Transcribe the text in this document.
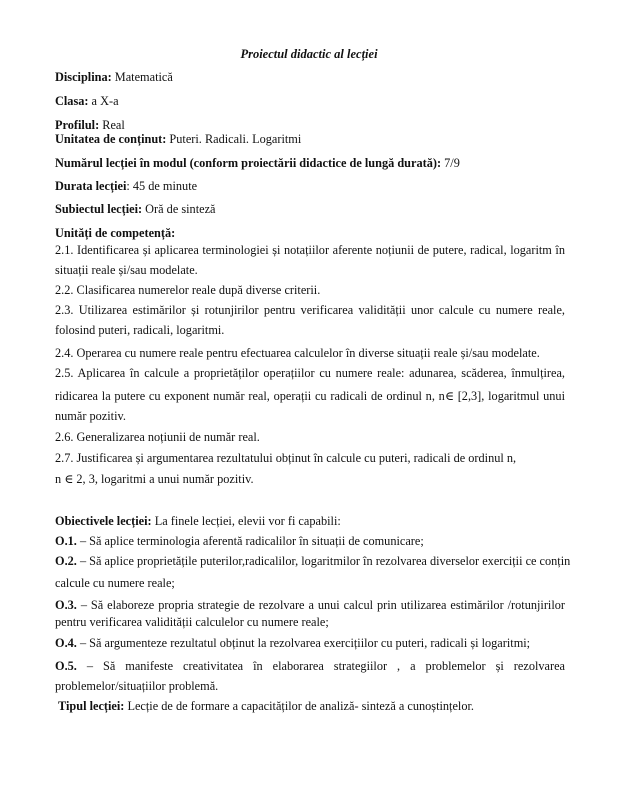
Proiectul didactic al lecției
Disciplina: Matematică
Clasa: a X-a
Profilul: Real
Unitatea de conținut: Puteri. Radicali. Logaritmi
Numărul lecției în modul (conform proiectării didactice de lungă durată): 7/9
Durata lecției: 45 de minute
Subiectul lecției: Oră de sinteză
Unități de competență:
2.1. Identificarea și aplicarea terminologiei și notațiilor aferente noțiunii de putere, radical, logaritm în
situații reale și/sau modelate.
2.2. Clasificarea numerelor reale după diverse criterii.
2.3. Utilizarea estimărilor și rotunjirilor pentru verificarea validității unor calcule cu numere reale,
folosind puteri, radicali, logaritmi.
2.4. Operarea cu numere reale pentru efectuarea calculelor în diverse situații reale și/sau modelate.
2.5. Aplicarea în calcule a proprietăților operațiilor cu numere reale: adunarea, scăderea, înmulțirea,
ridicarea la putere cu exponent număr real, operații cu radicali de ordinul n, n∈ [2,3], logaritmul unui
număr pozitiv.
2.6. Generalizarea noțiunii de număr real.
2.7. Justificarea și argumentarea rezultatului obținut în calcule cu puteri, radicali de ordinul n,
n ∈ 2, 3, logaritmi a unui număr pozitiv.
Obiectivele lecției: La finele lecției, elevii vor fi capabili:
O.1. – Să aplice terminologia aferentă radicalilor în situații de comunicare;
O.2. – Să aplice proprietățile puterilor,radicalilor, logaritmilor în rezolvarea diverselor exerciții ce conțin
calcule cu numere reale;
O.3. – Să elaboreze propria strategie de rezolvare a unui calcul prin utilizarea estimărilor /rotunjirilor
pentru verificarea validității calculelor cu numere reale;
O.4. – Să argumenteze rezultatul obținut la rezolvarea exercițiilor cu puteri, radicali și logaritmi;
O.5. – Să manifeste creativitatea în elaborarea strategiilor , a problemelor și rezolvarea
problemelor/situațiilor problemă.
Tipul lecției: Lecție de de formare a capacităților de analiză- sinteză a cunoștințelor.
